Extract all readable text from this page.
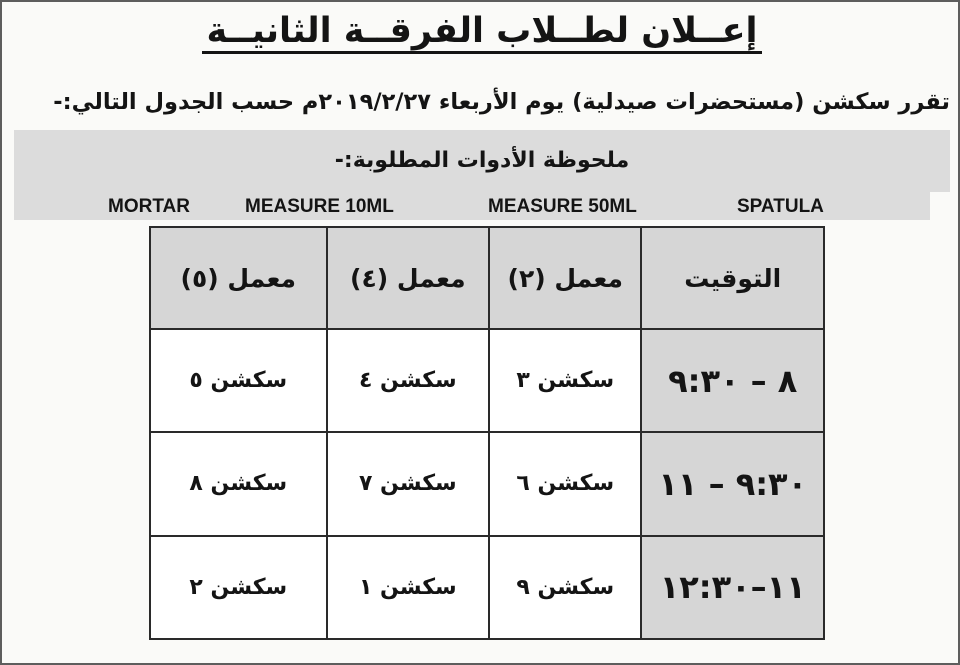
إعــلان لطــلاب الفرقــة الثانيــة
تقرر سكشن (مستحضرات صيدلية) يوم الأربعاء ٢٠١٩/٢/٢٧م حسب الجدول التالي:-
ملحوظة الأدوات المطلوبة:-
MORTAR	MEASURE 10ML	MEASURE 50ML	SPATULA
التوقيت	معمل (٢)	معمل (٤)	معمل (٥)
٨ – ٩:٣٠	سكشن ٣	سكشن ٤	سكشن ٥
٩:٣٠ – ١١	سكشن ٦	سكشن ٧	سكشن ٨
١١–١٢:٣٠	سكشن ٩	سكشن ١	سكشن ٢
